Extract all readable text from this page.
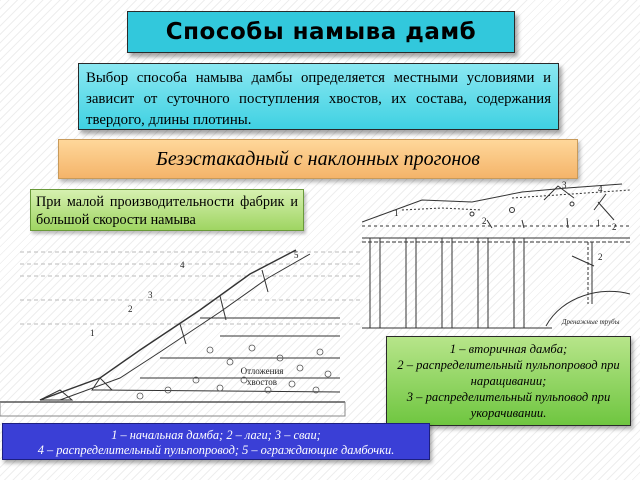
Способы намыва дамб
Выбор способа намыва дамбы определяется местными условиями и зависит от суточного поступления хвостов, их состава, содержания твердого, длины плотины.
Безэстакадный с наклонных прогонов
При малой производительности фабрик и большой скорости намыва
3	4
1
2	1 2
2
Дренажные трубы
1
2
3
4
5
Отложения
хвостов
1 – вторичная дамба;
2 – распределительный пульпопровод при наращивании;
3 – распределительный пульповод при укорачивании.
1 – начальная дамба; 2 – лаги; 3 – сваи;
4 – распределительный пульпопровод; 5 – ограждающие дамбочки.
